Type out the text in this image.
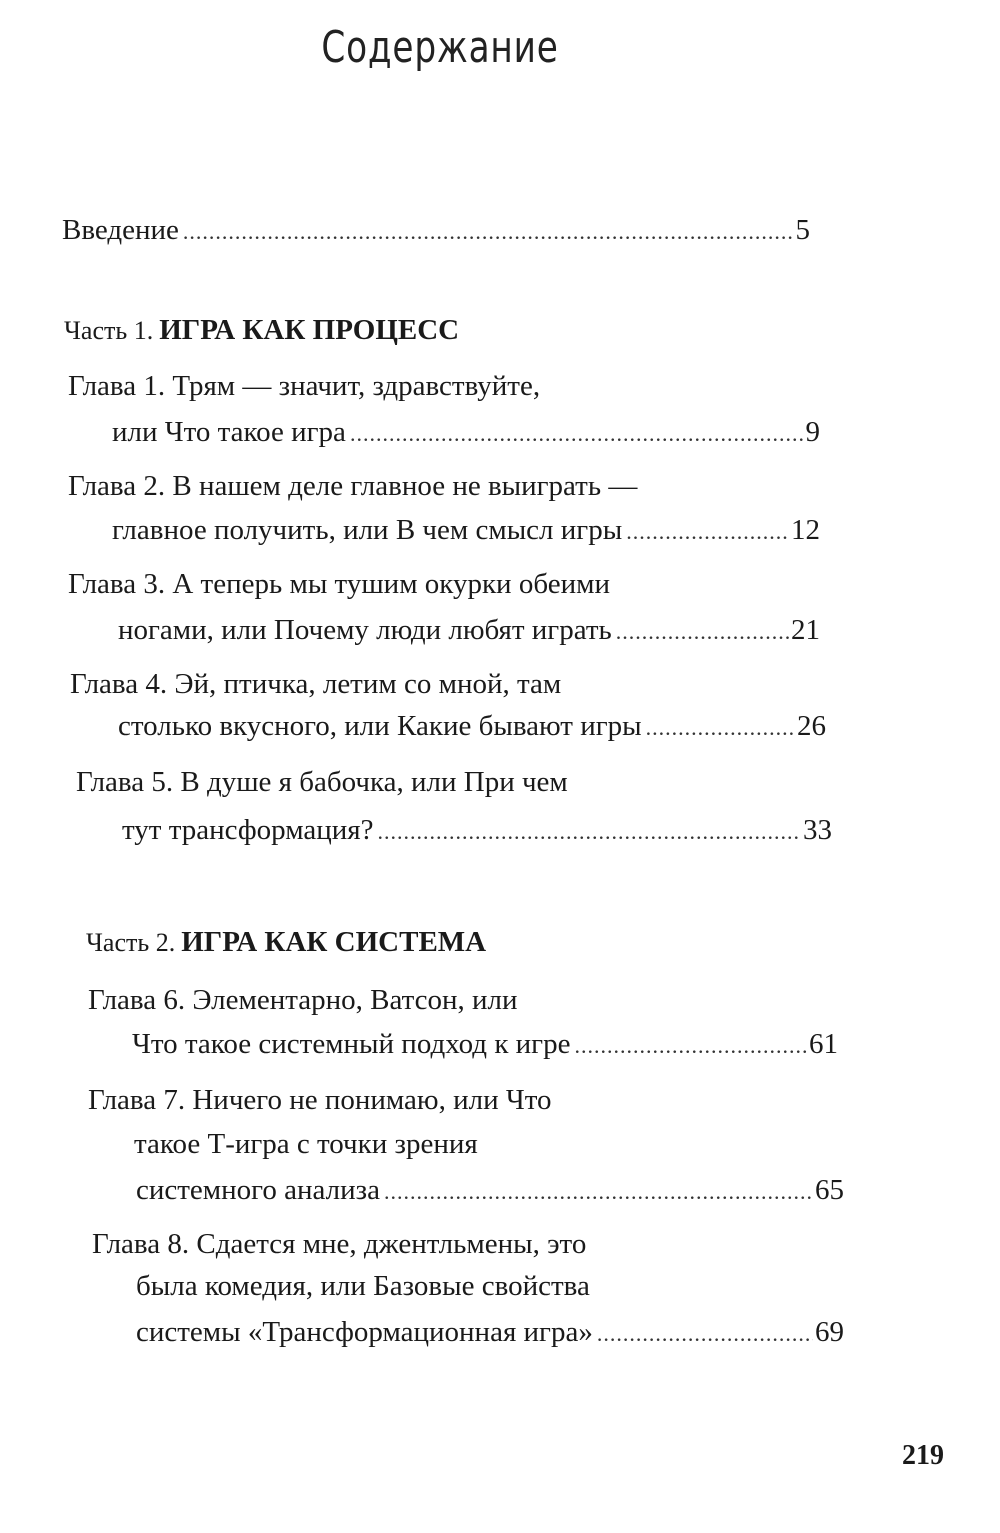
Содержание
Введение .....	5
Часть 1. ИГРА КАК ПРОЦЕСС
Глава 1. Трям — значит, здравствуйте,
или Что такое игра .....	9
Глава 2. В нашем деле главное не выиграть —
главное получить, или В чем смысл игры .....	12
Глава 3. А теперь мы тушим окурки обеими
ногами, или Почему люди любят играть .....	21
Глава 4. Эй, птичка, летим со мной, там
столько вкусного, или Какие бывают игры .....	26
Глава 5. В душе я бабочка, или При чем
тут трансформация? .....	33
Часть 2. ИГРА КАК СИСТЕМА
Глава 6. Элементарно, Ватсон, или
Что такое системный подход к игре .....	61
Глава 7. Ничего не понимаю, или Что
такое Т-игра с точки зрения
системного анализа .....	65
Глава 8. Сдается мне, джентльмены, это
была комедия, или Базовые свойства
системы «Трансформационная игра» .....	69
219
